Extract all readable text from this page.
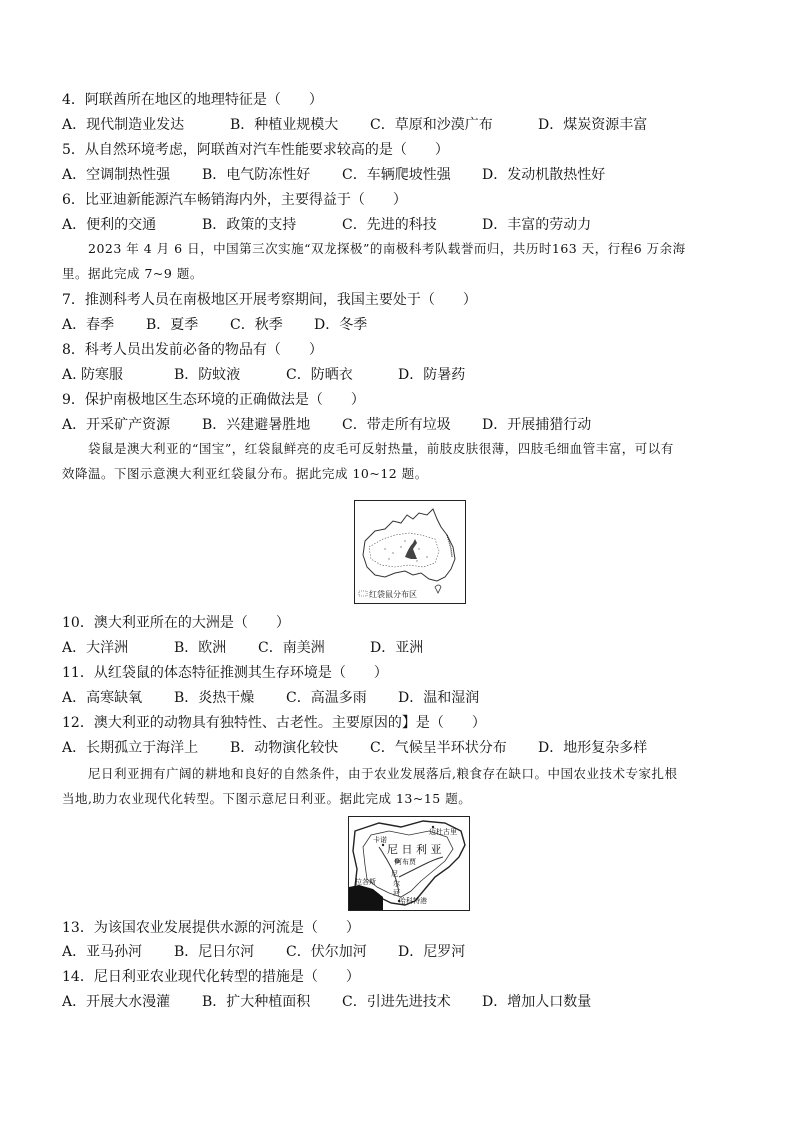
4．阿联酋所在地区的地理特征是（　　）
A．现代制造业发达	B．种植业规模大 C．草原和沙漠广布	D．煤炭资源丰富
5．从自然环境考虑，阿联酋对汽车性能要求较高的是（　　）
A．空调制热性强 B．电气防冻性好 C．车辆爬坡性强 D．发动机散热性好
6．比亚迪新能源汽车畅销海内外，主要得益于（　　）
A．便利的交通	B．政策的支持	C．先进的科技	D．丰富的劳动力
2023 年 4 月 6 日，中国第三次实施“双龙探极”的南极科考队载誉而归，共历时163 天，行程6 万余海
里。据此完成 7~9 题。
7．推测科考人员在南极地区开展考察期间，我国主要处于（　　）
A．春季 B．夏季 C．秋季 D．冬季
8．科考人员出发前必备的物品有（　　）
A. 防寒服	B．防蚊液	C．防晒衣	D．防暑药
9．保护南极地区生态环境的正确做法是（　　）
A．开采矿产资源 B．兴建避暑胜地 C．带走所有垃圾 D．开展捕猎行动
袋鼠是澳大利亚的“国宝”，红袋鼠鲜亮的皮毛可反射热量，前肢皮肤很薄，四肢毛细血管丰富，可以有
效降温。下图示意澳大利亚红袋鼠分布。据此完成 10~12 题。
红袋鼠分布区
10．澳大利亚所在的大洲是（　　）
A．大洋洲	B．欧洲 C．南美洲	D．亚洲
11．从红袋鼠的体态特征推测其生存环境是（　　）
A．高寒缺氧 B．炎热干燥 C．高温多雨 D．温和湿润
12．澳大利亚的动物具有独特性、古老性。主要原因的】是（　　）
A．长期孤立于海洋上 B．动物演化较快 C．气候呈半环状分布 D．地形复杂多样
尼日利亚拥有广阔的耕地和良好的自然条件，由于农业发展落后,粮食存在缺口。中国农业技术专家扎根
当地,助力农业现代化转型。下图示意尼日利亚。据此完成 13~15 题。
尼 日 利 亚
卡诺
迈杜古里
阿布贾
拉各斯
哈科特港
尼
尔
河
13．为该国农业发展提供水源的河流是（　　）
A．亚马孙河 B．尼日尔河 C．伏尔加河 D．尼罗河
14．尼日利亚农业现代化转型的措施是（　　）
A．开展大水漫灌 B．扩大种植面积 C．引进先进技术 D．增加人口数量
